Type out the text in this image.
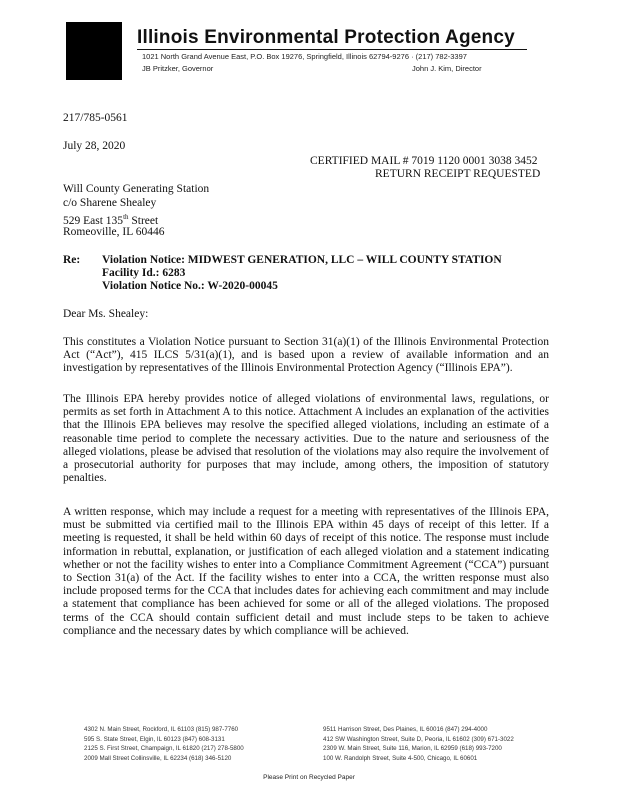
Illinois Environmental Protection Agency
1021 North Grand Avenue East, P.O. Box 19276, Springfield, Illinois 62794-9276 · (217) 782-3397
JB Pritzker, Governor	John J. Kim, Director
217/785-0561
July 28, 2020
CERTIFIED MAIL # 7019 1120 0001 3038 3452
RETURN RECEIPT REQUESTED
Will County Generating Station
c/o Sharene Shealey
529 East 135th Street
Romeoville, IL 60446
Re: Violation Notice: MIDWEST GENERATION, LLC – WILL COUNTY STATION
Facility Id.: 6283
Violation Notice No.: W-2020-00045
Dear Ms. Shealey:
This constitutes a Violation Notice pursuant to Section 31(a)(1) of the Illinois Environmental Protection Act (“Act”), 415 ILCS 5/31(a)(1), and is based upon a review of available information and an investigation by representatives of the Illinois Environmental Protection Agency (“Illinois EPA”).
The Illinois EPA hereby provides notice of alleged violations of environmental laws, regulations, or permits as set forth in Attachment A to this notice. Attachment A includes an explanation of the activities that the Illinois EPA believes may resolve the specified alleged violations, including an estimate of a reasonable time period to complete the necessary activities. Due to the nature and seriousness of the alleged violations, please be advised that resolution of the violations may also require the involvement of a prosecutorial authority for purposes that may include, among others, the imposition of statutory penalties.
A written response, which may include a request for a meeting with representatives of the Illinois EPA, must be submitted via certified mail to the Illinois EPA within 45 days of receipt of this letter. If a meeting is requested, it shall be held within 60 days of receipt of this notice. The response must include information in rebuttal, explanation, or justification of each alleged violation and a statement indicating whether or not the facility wishes to enter into a Compliance Commitment Agreement (“CCA”) pursuant to Section 31(a) of the Act. If the facility wishes to enter into a CCA, the written response must also include proposed terms for the CCA that includes dates for achieving each commitment and may include a statement that compliance has been achieved for some or all of the alleged violations. The proposed terms of the CCA should contain sufficient detail and must include steps to be taken to achieve compliance and the necessary dates by which compliance will be achieved.
4302 N. Main Street, Rockford, IL 61103 (815) 987-7760
595 S. State Street, Elgin, IL 60123 (847) 608-3131
2125 S. First Street, Champaign, IL 61820 (217) 278-5800
2009 Mall Street Collinsville, IL 62234 (618) 346-5120
9511 Harrison Street, Des Plaines, IL 60016 (847) 294-4000
412 SW Washington Street, Suite D, Peoria, IL 61602 (309) 671-3022
2309 W. Main Street, Suite 116, Marion, IL 62959 (618) 993-7200
100 W. Randolph Street, Suite 4-500, Chicago, IL 60601
Please Print on Recycled Paper
